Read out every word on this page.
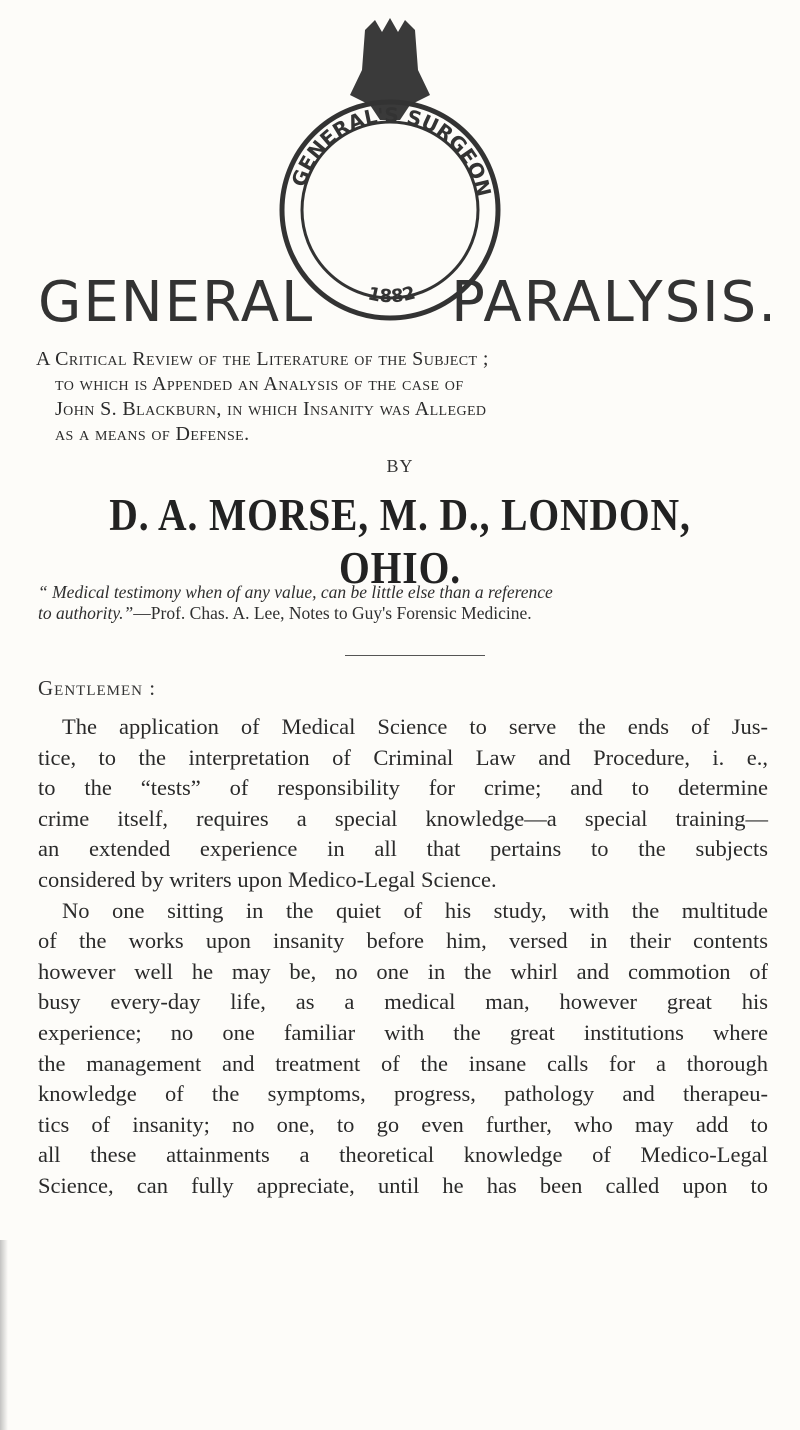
GENERAL'S SURGEON
1882
GENERAL PARALYSIS.
A Critical Review of the Literature of the Subject ;
to which is Appended an Analysis of the case of
John S. Blackburn, in which Insanity was Alleged
as a means of Defense.
BY
D. A. MORSE, M. D., LONDON, OHIO.
“ Medical testimony when of any value, can be little else than a reference
to authority.”—Prof. Chas. A. Lee, Notes to Guy's Forensic Medicine.
Gentlemen :
The application of Medical Science to serve the ends of Jus-
tice, to the interpretation of Criminal Law and Procedure, i. e.,
to the “tests” of responsibility for crime; and to determine
crime itself, requires a special knowledge—a special training—
an extended experience in all that pertains to the subjects
considered by writers upon Medico-Legal Science.
No one sitting in the quiet of his study, with the multitude
of the works upon insanity before him, versed in their contents
however well he may be, no one in the whirl and commotion of
busy every-day life, as a medical man, however great his
experience; no one familiar with the great institutions where
the management and treatment of the insane calls for a thorough
knowledge of the symptoms, progress, pathology and therapeu-
tics of insanity; no one, to go even further, who may add to
all these attainments a theoretical knowledge of Medico-Legal
Science, can fully appreciate, until he has been called upon to
